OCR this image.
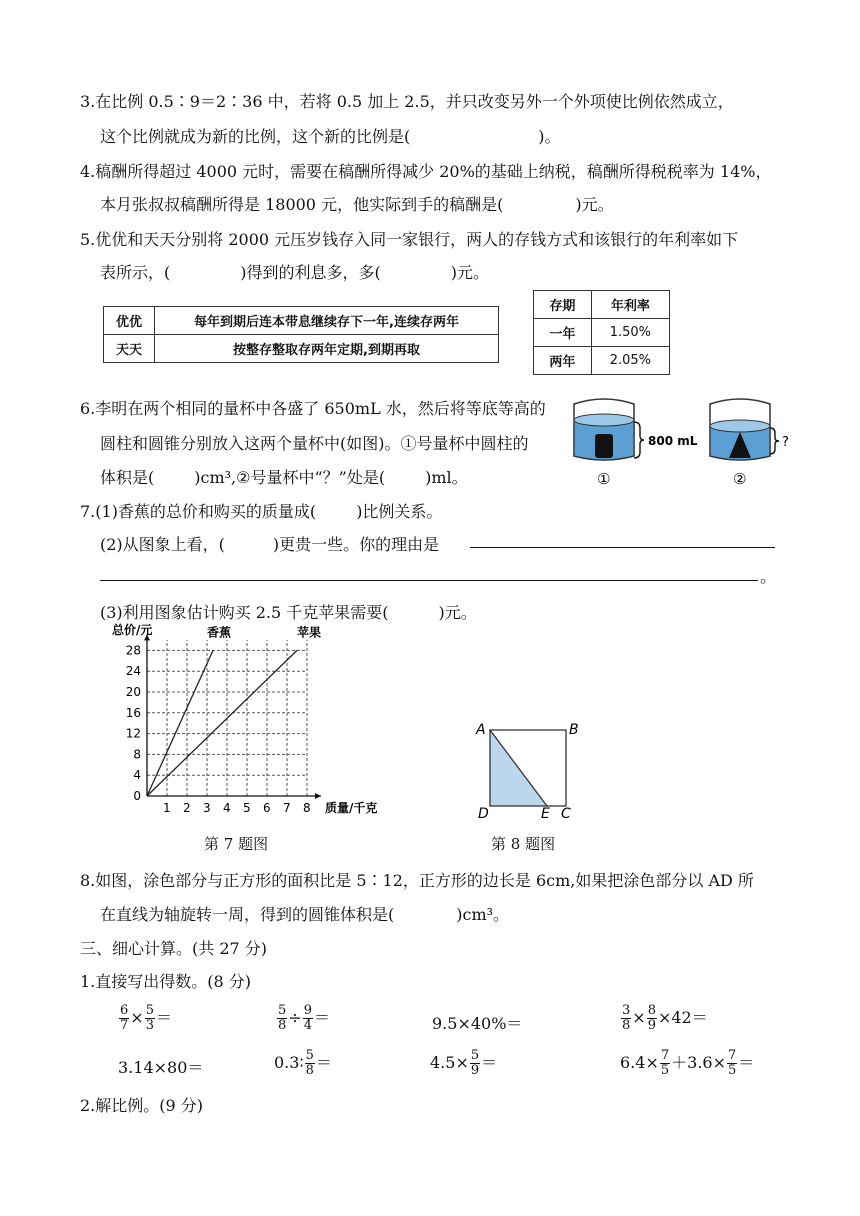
3.在比例 0.5∶9＝2∶36 中，若将 0.5 加上 2.5，并只改变另外一个外项使比例依然成立，
这个比例就成为新的比例，这个新的比例是(	)。
4.稿酬所得超过 4000 元时，需要在稿酬所得减少 20%的基础上纳税，稿酬所得税税率为 14%，
本月张叔叔稿酬所得是 18000 元，他实际到手的稿酬是(	)元。
5.优优和天天分别将 2000 元压岁钱存入同一家银行，两人的存钱方式和该银行的年利率如下
表所示，(	)得到的利息多，多(	)元。
优优	每年到期后连本带息继续存下一年,连续存两年
天天	按整存整取存两年定期,到期再取
存期	年利率
一年	1.50%
两年	2.05%
6.李明在两个相同的量杯中各盛了 650mL 水，然后将等底等高的
圆柱和圆锥分别放入这两个量杯中(如图)。①号量杯中圆柱的
体积是(	)cm³,②号量杯中“？”处是(	)ml。
800 mL
①
?
②
7.(1)香蕉的总价和购买的质量成(	)比例关系。
(2)从图象上看，(	)更贵一些。你的理由是
。
(3)利用图象估计购买 2.5 千克苹果需要(	)元。
1 2 3 4 5 6 7 8
0
4
8
12
16
20
24
28
总价/元
质量/千克
香蕉	苹果
第 7 题图
A	B
D	E C
第 8 题图
8.如图，涂色部分与正方形的面积比是 5∶12，正方形的边长是 6cm,如果把涂色部分以 AD 所
在直线为轴旋转一周，得到的圆锥体积是(	)cm³。
三、细心计算。(共 27 分)
1.直接写出得数。(8 分)
$\frac{6}{7} \times \frac{5}{3}$ ＝	$\frac{5}{8} \div \frac{9}{4}$ ＝	9.5×40%＝	$\frac{3}{8} \times \frac{8}{9} \times 42=$
3.14×80＝	0.3∶ $\frac{5}{8}$ ＝	$4.5\times \frac{5}{9}$ ＝	$6.4\times \frac{7}{5} +3.6\times \frac{7}{5}$ ＝
2.解比例。(9 分)
